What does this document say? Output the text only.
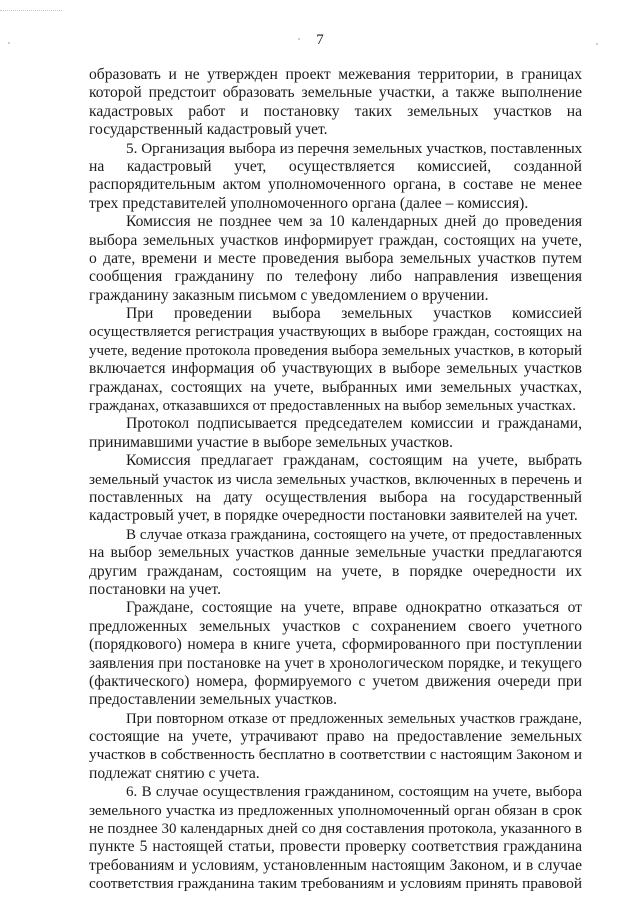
7
образовать и не утвержден проект межевания территории, в границах
которой предстоит образовать земельные участки, а также выполнение
кадастровых работ и постановку таких земельных участков на
государственный кадастровый учет.
5. Организация выбора из перечня земельных участков, поставленных
на кадастровый учет, осуществляется комиссией, созданной
распорядительным актом уполномоченного органа, в составе не менее
трех представителей уполномоченного органа (далее – комиссия).
Комиссия не позднее чем за 10 календарных дней до проведения
выбора земельных участков информирует граждан, состоящих на учете,
о дате, времени и месте проведения выбора земельных участков путем
сообщения гражданину по телефону либо направления извещения
гражданину заказным письмом с уведомлением о вручении.
При проведении выбора земельных участков комиссией
осуществляется регистрация участвующих в выборе граждан, состоящих на
учете, ведение протокола проведения выбора земельных участков, в который
включается информация об участвующих в выборе земельных участков
гражданах, состоящих на учете, выбранных ими земельных участках,
гражданах, отказавшихся от предоставленных на выбор земельных участках.
Протокол подписывается председателем комиссии и гражданами,
принимавшими участие в выборе земельных участков.
Комиссия предлагает гражданам, состоящим на учете, выбрать
земельный участок из числа земельных участков, включенных в перечень и
поставленных на дату осуществления выбора на государственный
кадастровый учет, в порядке очередности постановки заявителей на учет.
В случае отказа гражданина, состоящего на учете, от предоставленных
на выбор земельных участков данные земельные участки предлагаются
другим гражданам, состоящим на учете, в порядке очередности их
постановки на учет.
Граждане, состоящие на учете, вправе однократно отказаться от
предложенных земельных участков с сохранением своего учетного
(порядкового) номера в книге учета, сформированного при поступлении
заявления при постановке на учет в хронологическом порядке, и текущего
(фактического) номера, формируемого с учетом движения очереди при
предоставлении земельных участков.
При повторном отказе от предложенных земельных участков граждане,
состоящие на учете, утрачивают право на предоставление земельных
участков в собственность бесплатно в соответствии с настоящим Законом и
подлежат снятию с учета.
6. В случае осуществления гражданином, состоящим на учете, выбора
земельного участка из предложенных уполномоченный орган обязан в срок
не позднее 30 календарных дней со дня составления протокола, указанного в
пункте 5 настоящей статьи, провести проверку соответствия гражданина
требованиям и условиям, установленным настоящим Законом, и в случае
соответствия гражданина таким требованиям и условиям принять правовой
